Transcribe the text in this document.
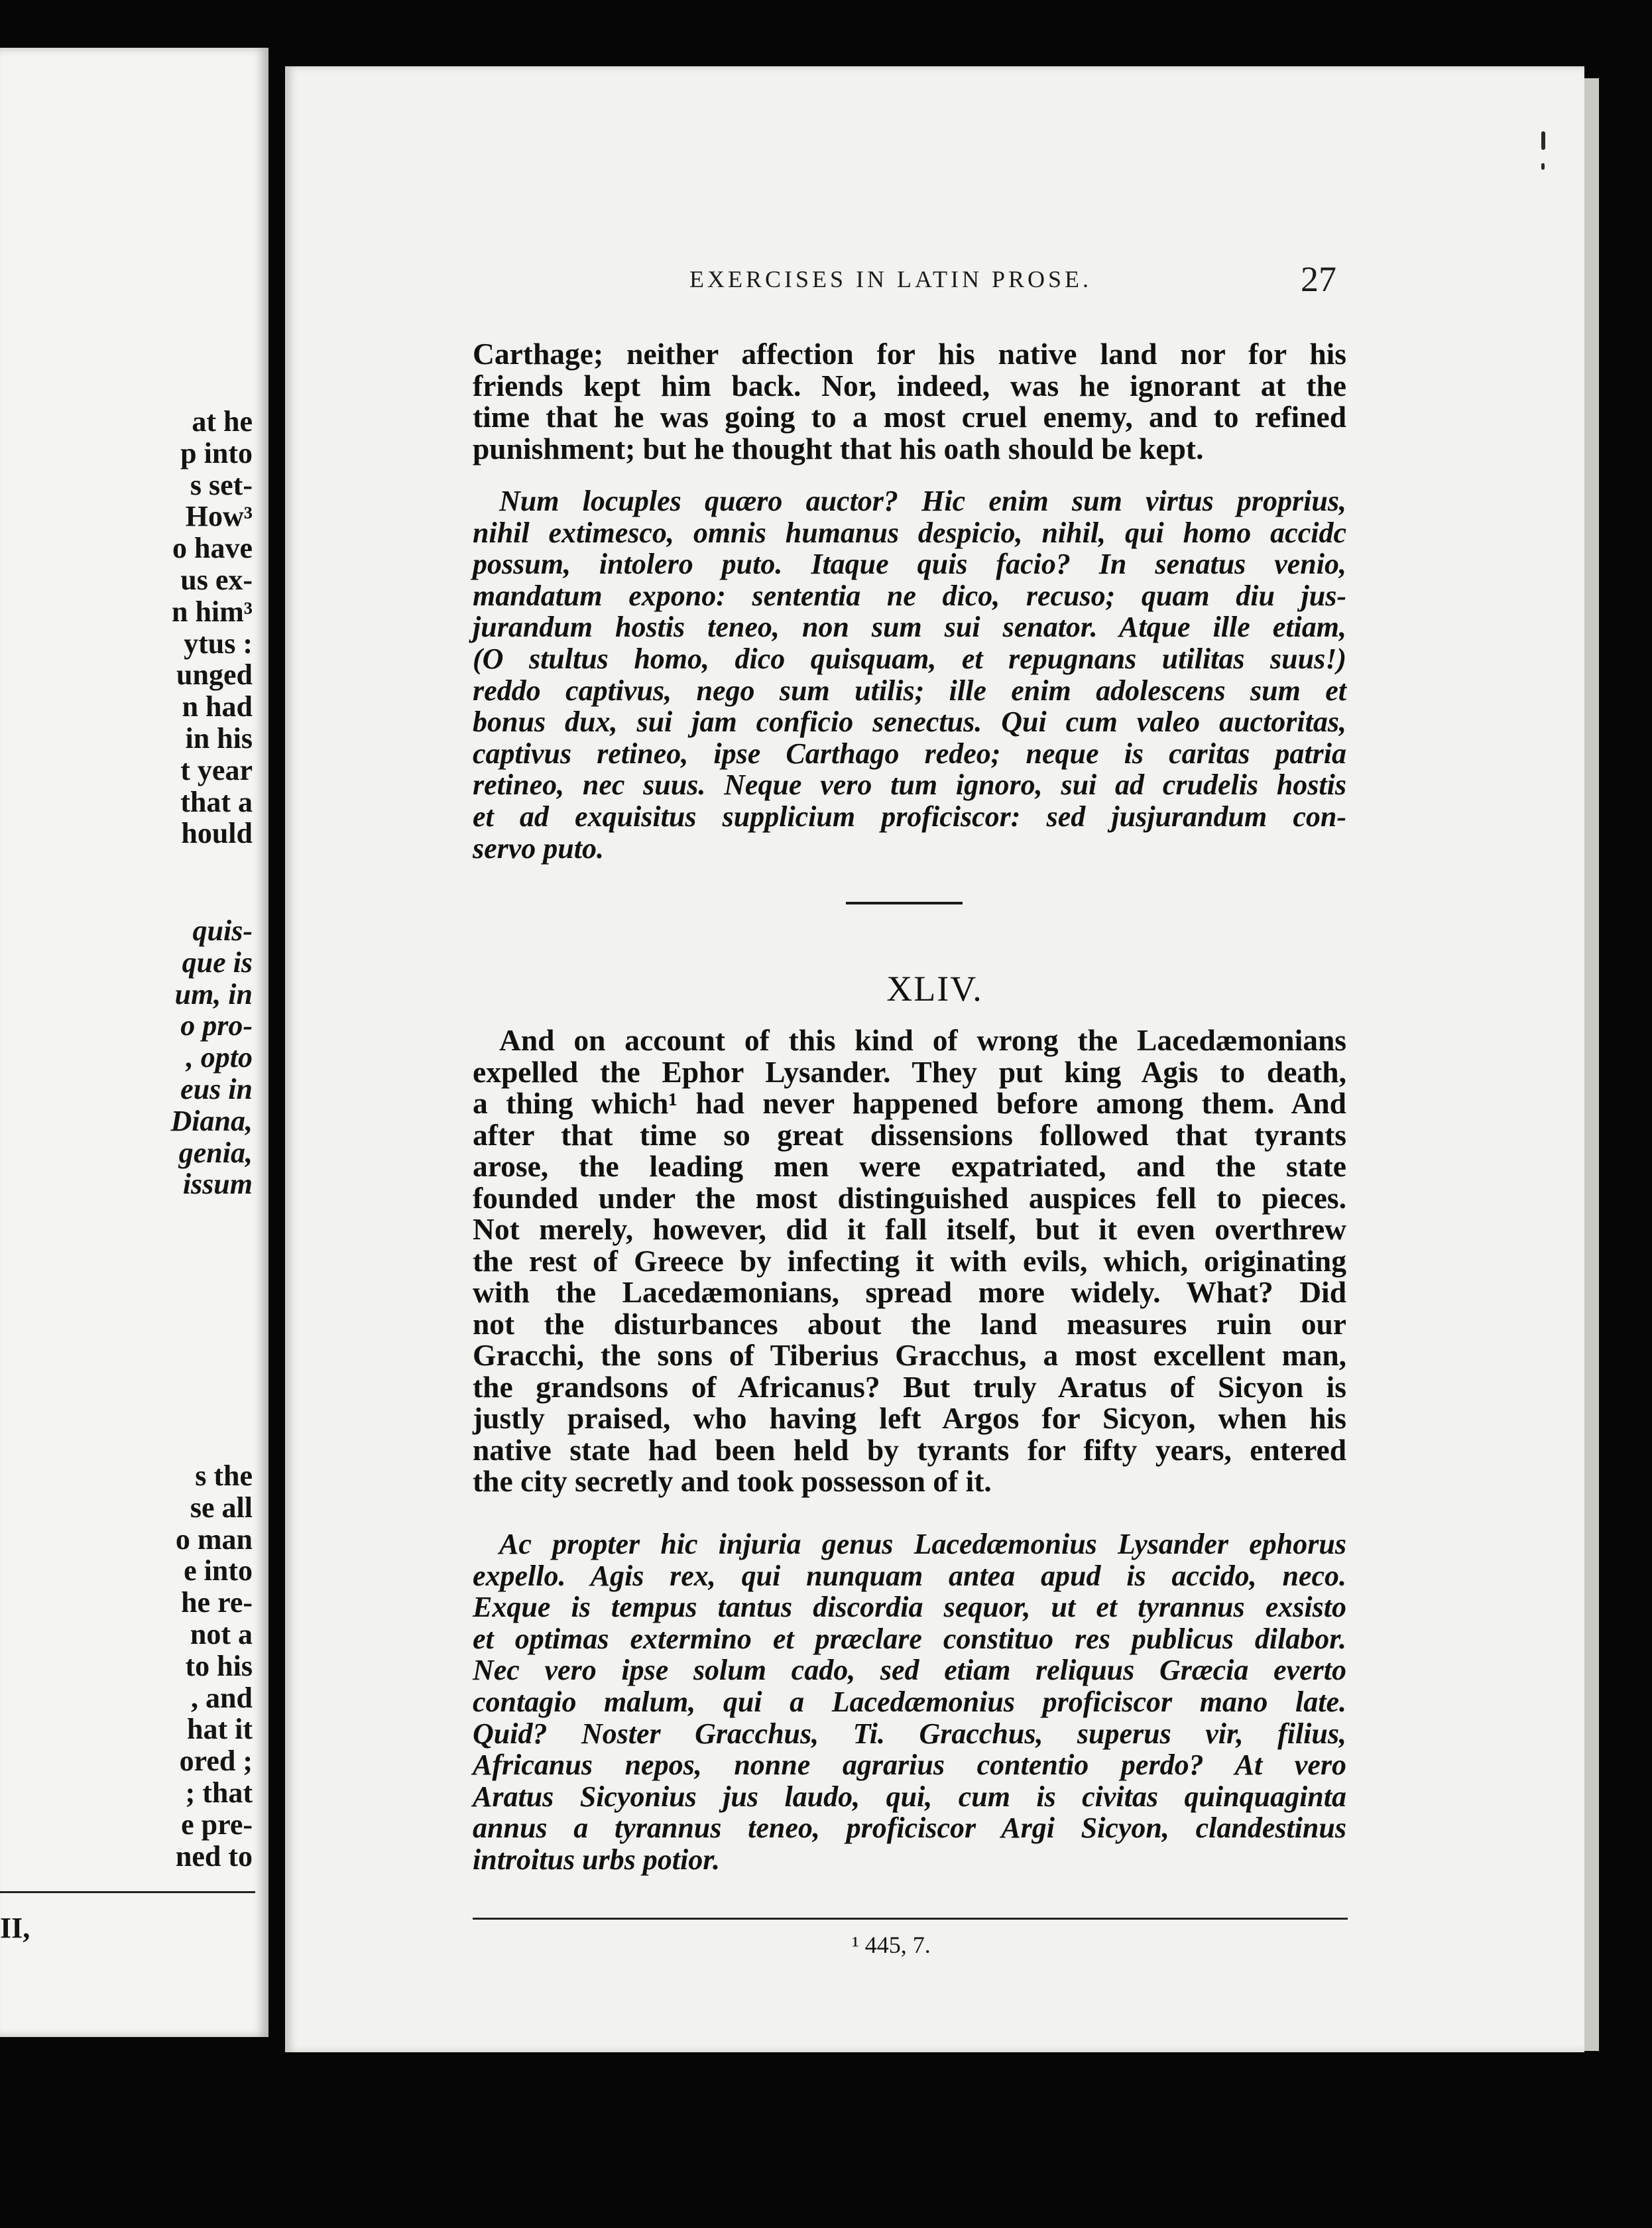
at he
p into
s set-
How³
o have
us ex-
n him³
ytus :
unged
n had
in his
t year
that a
hould
quis-
que is
um, in
o pro-
, opto
eus in
Diana,
genia,
issum
s the
se all
o man
e into
he re-
not a
to his
, and
hat it
ored ;
; that
e pre-
ned to
II,
EXERCISES IN LATIN PROSE.	27

Carthage; neither affection for his native land nor for his
friends kept him back. Nor, indeed, was he ignorant at the
time that he was going to a most cruel enemy, and to refined
punishment; but he thought that his oath should be kept.

Num locuples quæro auctor? Hic enim sum virtus proprius,
nihil extimesco, omnis humanus despicio, nihil, qui homo accidc
possum, intolero puto. Itaque quis facio? In senatus venio,
mandatum expono: sententia ne dico, recuso; quam diu jus-
jurandum hostis teneo, non sum sui senator. Atque ille etiam,
(O stultus homo, dico quisquam, et repugnans utilitas suus!)
reddo captivus, nego sum utilis; ille enim adolescens sum et
bonus dux, sui jam conficio senectus. Qui cum valeo auctoritas,
captivus retineo, ipse Carthago redeo; neque is caritas patria
retineo, nec suus. Neque vero tum ignoro, sui ad crudelis hostis
et ad exquisitus supplicium proficiscor: sed jusjurandum con-
servo puto.

XLIV.

And on account of this kind of wrong the Lacedæmonians
expelled the Ephor Lysander. They put king Agis to death,
a thing which¹ had never happened before among them. And
after that time so great dissensions followed that tyrants
arose, the leading men were expatriated, and the state
founded under the most distinguished auspices fell to pieces.
Not merely, however, did it fall itself, but it even overthrew
the rest of Greece by infecting it with evils, which, originating
with the Lacedæmonians, spread more widely. What? Did
not the disturbances about the land measures ruin our
Gracchi, the sons of Tiberius Gracchus, a most excellent man,
the grandsons of Africanus? But truly Aratus of Sicyon is
justly praised, who having left Argos for Sicyon, when his
native state had been held by tyrants for fifty years, entered
the city secretly and took possesson of it.

Ac propter hic injuria genus Lacedæmonius Lysander ephorus
expello. Agis rex, qui nunquam antea apud is accido, neco.
Exque is tempus tantus discordia sequor, ut et tyrannus exsisto
et optimas extermino et præclare constituo res publicus dilabor.
Nec vero ipse solum cado, sed etiam reliquus Græcia everto
contagio malum, qui a Lacedæmonius proficiscor mano late.
Quid? Noster Gracchus, Ti. Gracchus, superus vir, filius,
Africanus nepos, nonne agrarius contentio perdo? At vero
Aratus Sicyonius jus laudo, qui, cum is civitas quinquaginta
annus a tyrannus teneo, proficiscor Argi Sicyon, clandestinus
introitus urbs potior.

¹ 445, 7.
